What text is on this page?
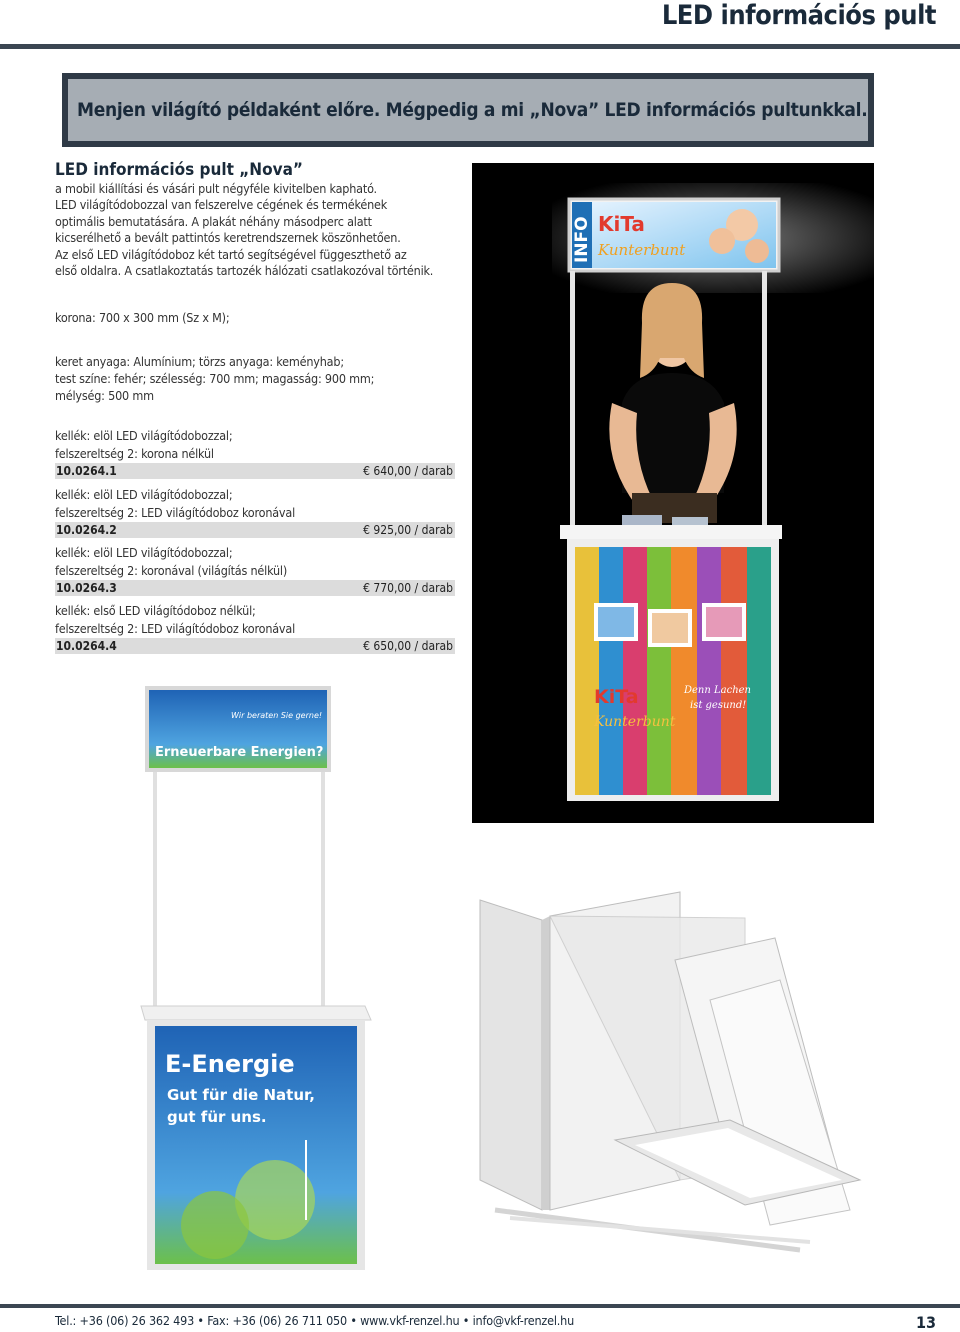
LED információs pult
Menjen világító példaként előre. Mégpedig a mi „Nova” LED információs pultunkkal.
LED információs pult „Nova”
a mobil kiállítási és vásári pult négyféle kivitelben kapható.
LED világítódobozzal van felszerelve cégének és termékének
optimális bemutatására. A plakát néhány másodperc alatt
kicserélhető a bevált pattintós keretrendszernek köszönhetően.
Az első LED világítódoboz két tartó segítségével függeszthető az
első oldalra. A csatlakoztatás tartozék hálózati csatlakozóval történik.
korona: 700 x 300 mm (Sz x M);
keret anyaga: Alumínium; törzs anyaga: keményhab;
test színe: fehér; szélesség: 700 mm; magasság: 900 mm;
mélység: 500 mm
kellék: elöl LED világítódobozzal;
felszereltség 2: korona nélkül
10.0264.1	€ 640,00 / darab
kellék: elöl LED világítódobozzal;
felszereltség 2: LED világítódoboz koronával
10.0264.2	€ 925,00 / darab
kellék: elöl LED világítódobozzal;
felszereltség 2: koronával (világítás nélkül)
10.0264.3	€ 770,00 / darab
kellék: első LED világítódoboz nélkül;
felszereltség 2: LED világítódoboz koronával
10.0264.4	€ 650,00 / darab
INFO KiTa
Kunterbunt
KiTa
Kunterbunt
Denn Lachen
ist gesund!
Wir beraten Sie gerne!
Erneuerbare Energien?
E-Energie
Gut für die Natur,
gut für uns.
Tel.: +36 (06) 26 362 493 • Fax: +36 (06) 26 711 050 • www.vkf-renzel.hu • info@vkf-renzel.hu	13
